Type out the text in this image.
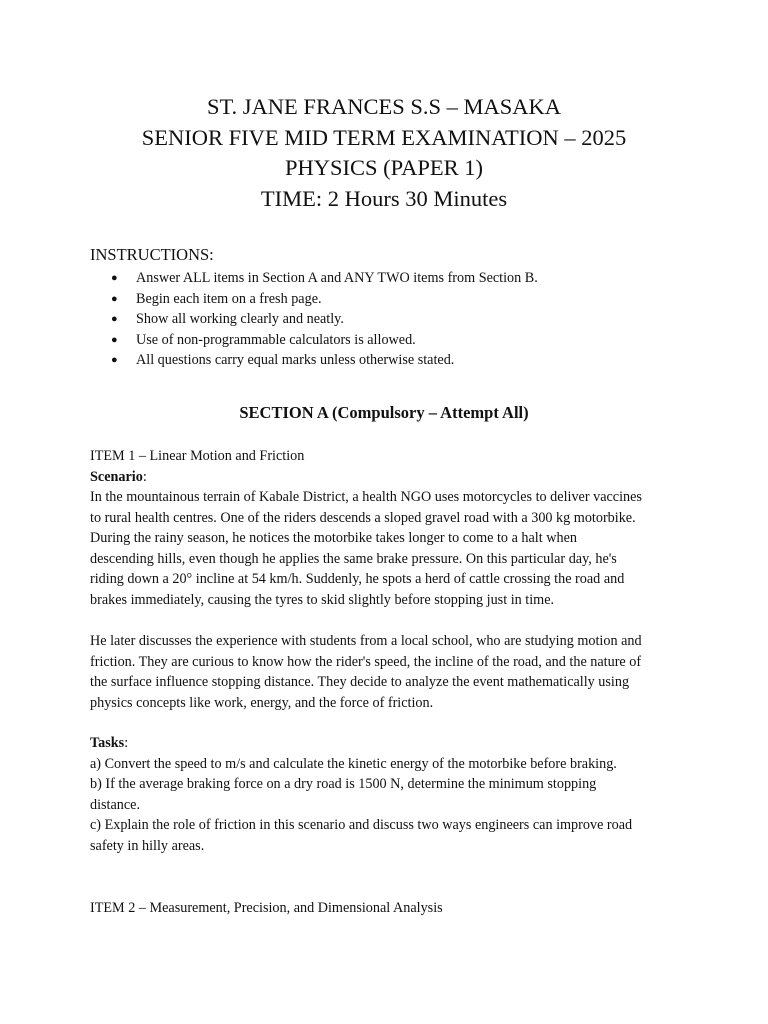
ST. JANE FRANCES S.S – MASAKA
SENIOR FIVE MID TERM EXAMINATION – 2025
PHYSICS (PAPER 1)
TIME: 2 Hours 30 Minutes
INSTRUCTIONS:
● Answer ALL items in Section A and ANY TWO items from Section B.
● Begin each item on a fresh page.
● Show all working clearly and neatly.
● Use of non-programmable calculators is allowed.
● All questions carry equal marks unless otherwise stated.
SECTION A (Compulsory – Attempt All)
ITEM 1 – Linear Motion and Friction
Scenario:
In the mountainous terrain of Kabale District, a health NGO uses motorcycles to deliver vaccines
to rural health centres. One of the riders descends a sloped gravel road with a 300 kg motorbike.
During the rainy season, he notices the motorbike takes longer to come to a halt when
descending hills, even though he applies the same brake pressure. On this particular day, he's
riding down a 20° incline at 54 km/h. Suddenly, he spots a herd of cattle crossing the road and
brakes immediately, causing the tyres to skid slightly before stopping just in time.
He later discusses the experience with students from a local school, who are studying motion and
friction. They are curious to know how the rider's speed, the incline of the road, and the nature of
the surface influence stopping distance. They decide to analyze the event mathematically using
physics concepts like work, energy, and the force of friction.
Tasks:
a) Convert the speed to m/s and calculate the kinetic energy of the motorbike before braking.
b) If the average braking force on a dry road is 1500 N, determine the minimum stopping
distance.
c) Explain the role of friction in this scenario and discuss two ways engineers can improve road
safety in hilly areas.
ITEM 2 – Measurement, Precision, and Dimensional Analysis
